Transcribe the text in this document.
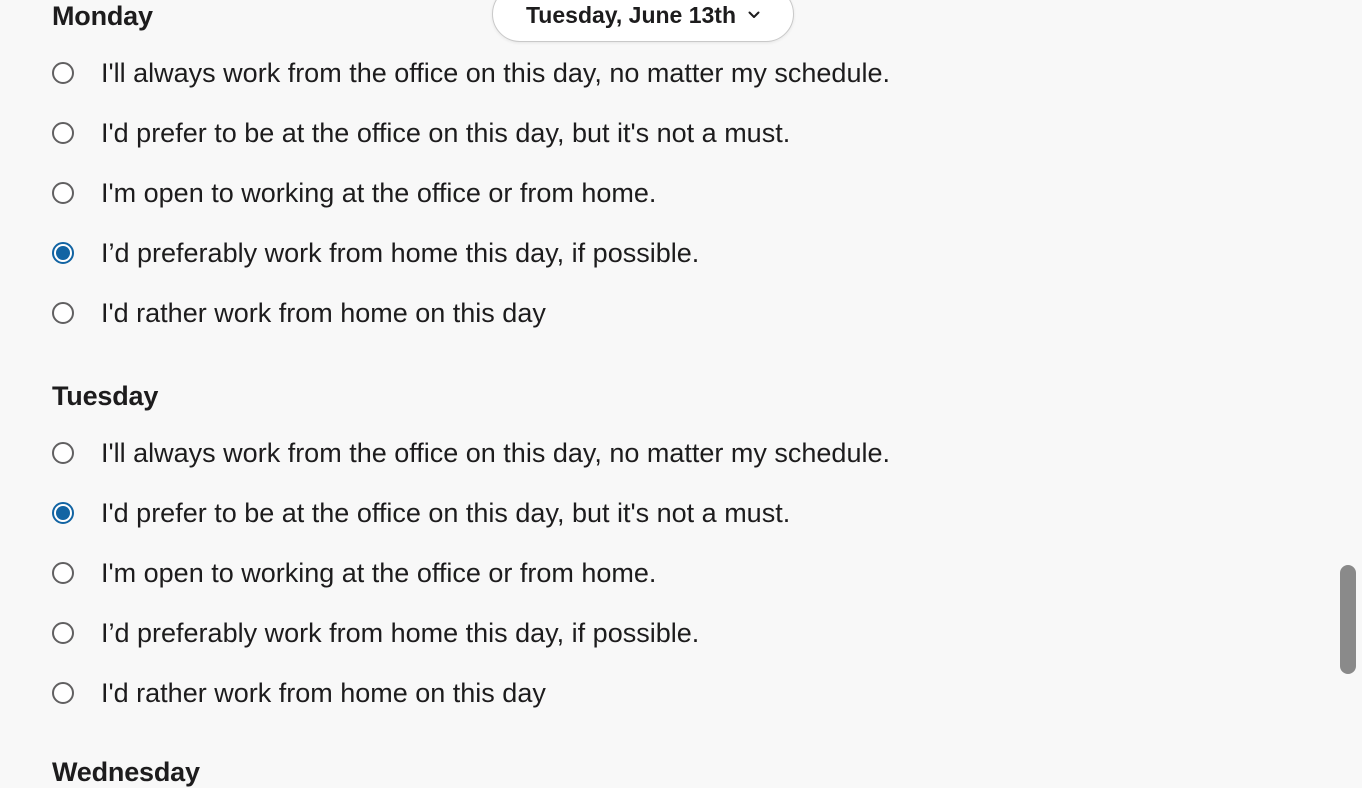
Monday
I'll always work from the office on this day, no matter my schedule.
I'd prefer to be at the office on this day, but it's not a must.
I'm open to working at the office or from home.
I’d preferably work from home this day, if possible.
I'd rather work from home on this day
Tuesday
I'll always work from the office on this day, no matter my schedule.
I'd prefer to be at the office on this day, but it's not a must.
I'm open to working at the office or from home.
I’d preferably work from home this day, if possible.
I'd rather work from home on this day
Wednesday
Tuesday, June 13th
